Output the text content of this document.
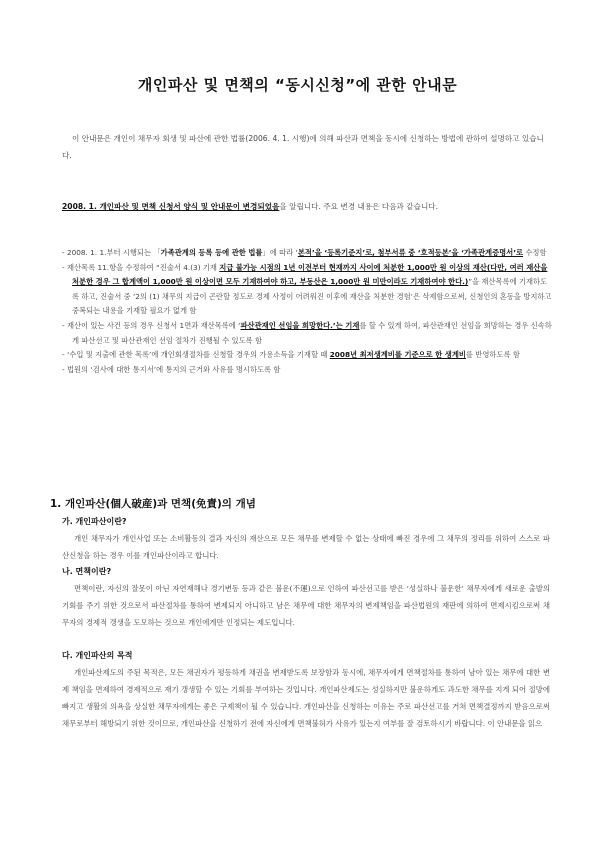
개인파산 및 면책의 “동시신청”에 관한 안내문
이 안내문은 개인이 채무자 회생 및 파산에 관한 법률(2006. 4. 1. 시행)에 의해 파산과 면책을 동시에 신청하는 방법에 관하여 설명하고 있습니다.
2008. 1. 개인파산 및 면책 신청서 양식 및 안내문이 변경되었음을 알립니다. 주요 변경 내용은 다음과 같습니다.
- 2008. 1. 1.부터 시행되는 「가족관계의 등록 등에 관한 법률」에 따라 ‘본적’을 ‘등록기준지’로, 첨부서류 중 ‘호적등본’을 ‘가족관계증명서’로 수정함
- 재산목록 11.항을 수정하여 “진술서 4.(3) 기재 지급 불가능 시점의 1년 이전부터 현재까지 사이에 처분한 1,000만 원 이상의 재산(다만, 여러 재산을 처분한 경우 그 합계액이 1,000만 원 이상이면 모두 기재하여야 하고, 부동산은 1,000만 원 미만이라도 기재하여야 한다.)”을 재산목록에 기재하도록 하고, 진술서 중 ‘2의 (1) 채무의 지급이 곤란할 정도로 경제 사정이 어려워진 이후에 재산을 처분한 경험’은 삭제함으로써, 신청인의 혼동을 방지하고 중복되는 내용을 기재할 필요가 없게 함
- 재산이 있는 사건 등의 경우 신청서 1면과 재산목록에 ‘파산관재인 선임을 희망한다.’는 기재를 할 수 있게 하여, 파산관재인 선임을 희망하는 경우 신속하게 파산선고 및 파산관재인 선임 절차가 진행될 수 있도록 함
- ‘수입 및 지출에 관한 목록’에 개인회생절차를 신청할 경우의 가용소득을 기재할 때 2008년 최저생계비를 기준으로 한 생계비를 반영하도록 함
- 법원의 ‘검사에 대한 통지서’에 통지의 근거와 사유를 명시하도록 함
1. 개인파산(個人破産)과 면책(免責)의 개념
가. 개인파산이란?
개인 채무자가 개인사업 또는 소비활동의 결과 자신의 재산으로 모든 채무를 변제할 수 없는 상태에 빠진 경우에 그 채무의 정리를 위하여 스스로 파산신청을 하는 경우 이를 개인파산이라고 합니다.
나. 면책이란?
면책이란, 자신의 잘못이 아닌 자연재해나 경기변동 등과 같은 불운(不運)으로 인하여 파산선고를 받은 ‘성실하나 불운한’ 채무자에게 새로운 출발의 기회를 주기 위한 것으로서 파산절차를 통하여 변제되지 아니하고 남은 채무에 대한 채무자의 변제책임을 파산법원의 재판에 의하여 면제시킴으로써 채무자의 경제적 갱생을 도모하는 것으로 개인에게만 인정되는 제도입니다.
다. 개인파산의 목적
개인파산제도의 주된 목적은, 모든 채권자가 평등하게 채권을 변제받도록 보장함과 동시에, 채무자에게 면책절차를 통하여 남아 있는 채무에 대한 변제 책임을 면제하여 경제적으로 재기 갱생할 수 있는 기회를 부여하는 것입니다. 개인파산제도는 성실하지만 불운하게도 과도한 채무를 지게 되어 절망에 빠지고 생활의 의욕을 상실한 채무자에게는 좋은 구제책이 될 수 있습니다. 개인파산을 신청하는 이유는 주로 파산선고를 거쳐 면책결정까지 받음으로써 채무로부터 해방되기 위한 것이므로, 개인파산을 신청하기 전에 자신에게 면책불허가 사유가 있는지 여부를 잘 검토하시기 바랍니다. 이 안내문을 읽으
